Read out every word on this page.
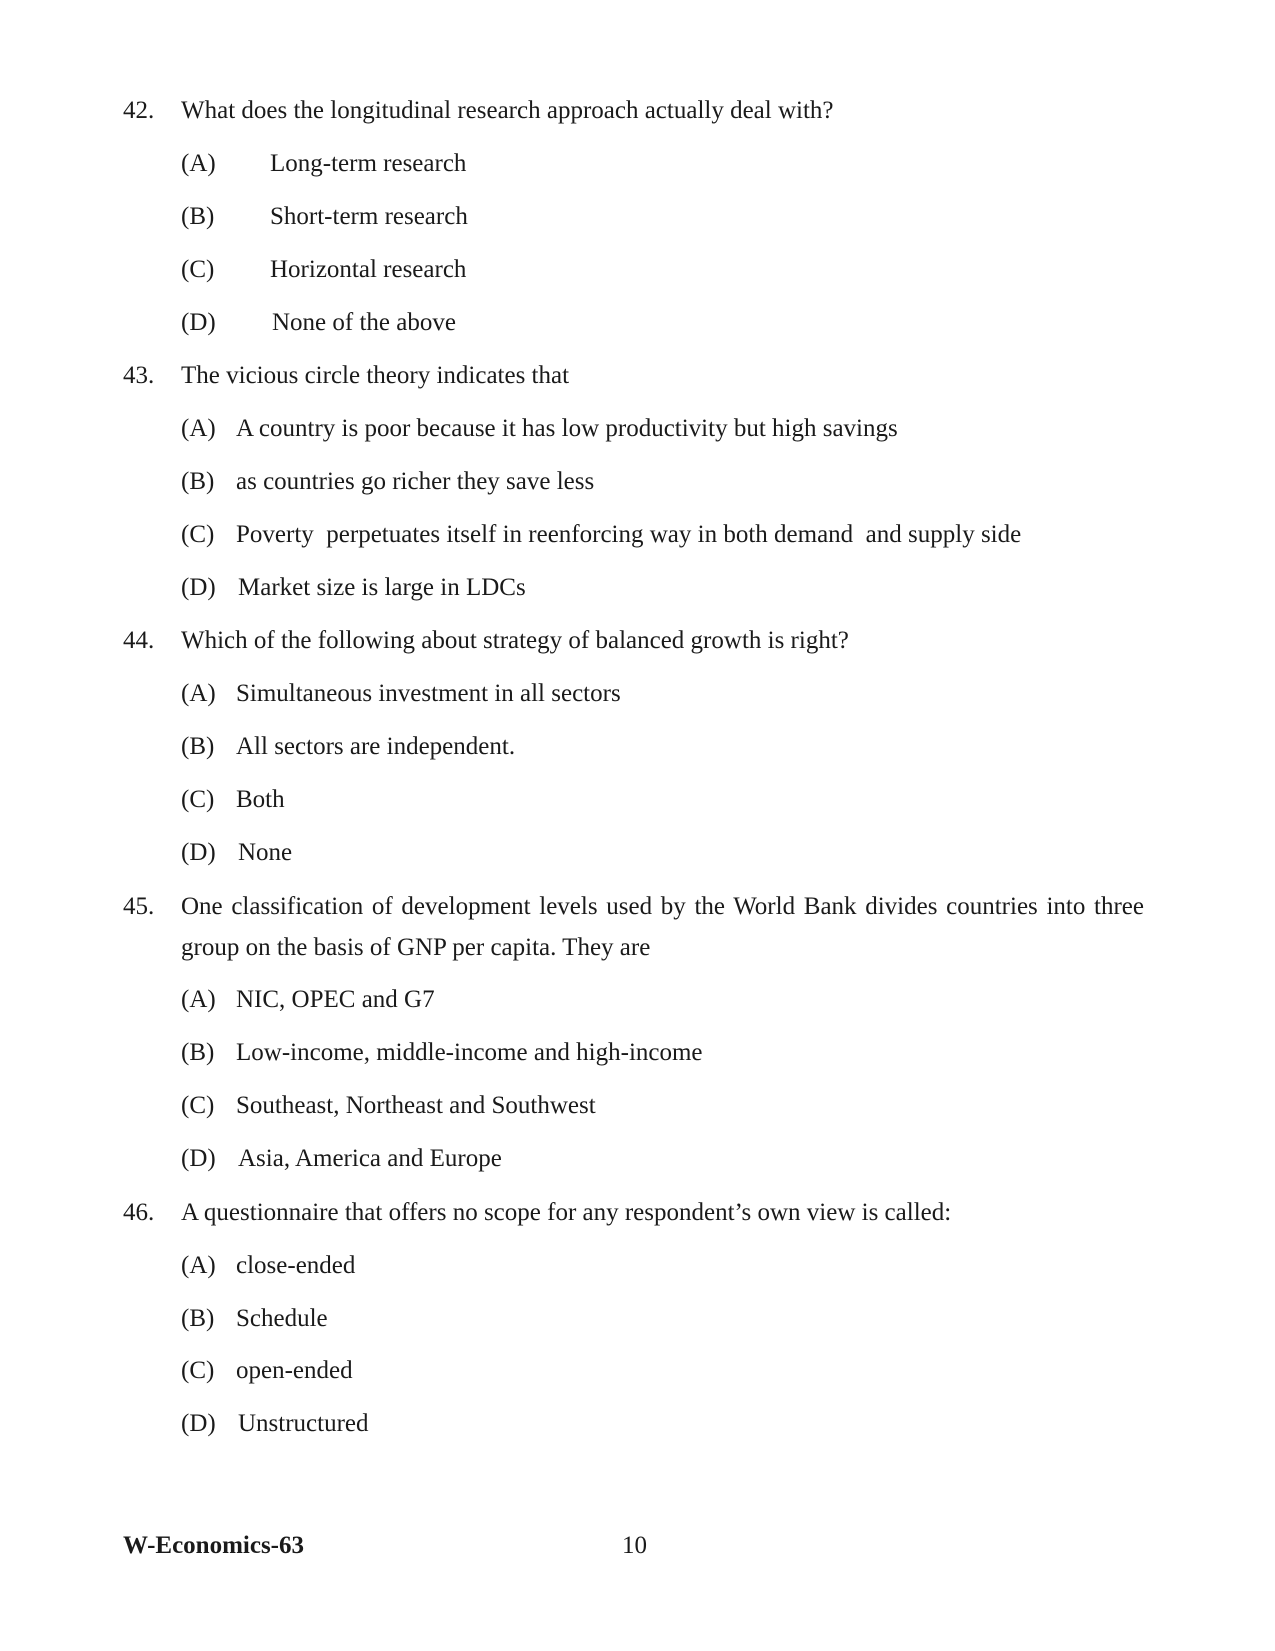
42. What does the longitudinal research approach actually deal with?
(A) Long-term research
(B) Short-term research
(C) Horizontal research
(D) None of the above
43. The vicious circle theory indicates that
(A) A country is poor because it has low productivity but high savings
(B) as countries go richer they save less
(C) Poverty  perpetuates itself in reenforcing way in both demand  and supply side
(D) Market size is large in LDCs
44. Which of the following about strategy of balanced growth is right?
(A) Simultaneous investment in all sectors
(B) All sectors are independent.
(C) Both
(D) None
45. One classification of development levels used by the World Bank divides countries into three group on the basis of GNP per capita. They are
(A) NIC, OPEC and G7
(B) Low-income, middle-income and high-income
(C) Southeast, Northeast and Southwest
(D) Asia, America and Europe
46. A questionnaire that offers no scope for any respondent’s own view is called:
(A) close-ended
(B) Schedule
(C) open-ended
(D) Unstructured
W-Economics-63	10
